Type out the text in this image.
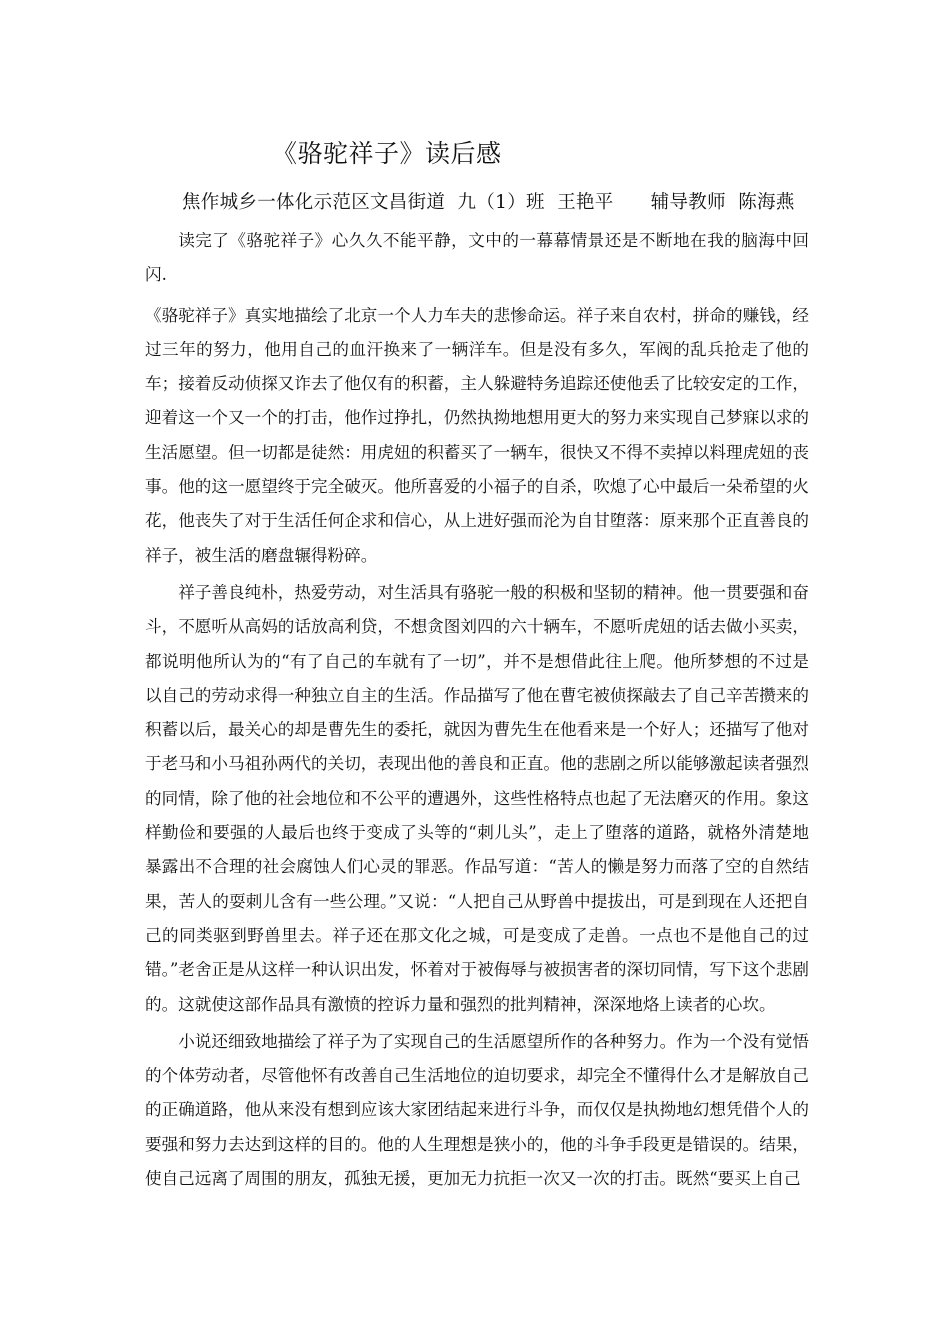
《骆驼祥子》读后感
焦作城乡一体化示范区文昌街道  九（1）班  王艳平      辅导教师  陈海燕

读完了《骆驼祥子》心久久不能平静，文中的一幕幕情景还是不断地在我的脑海中回闪.

《骆驼祥子》真实地描绘了北京一个人力车夫的悲惨命运。祥子来自农村，拼命的赚钱，经过三年的努力，他用自己的血汗换来了一辆洋车。但是没有多久，军阀的乱兵抢走了他的车；接着反动侦探又诈去了他仅有的积蓄，主人躲避特务追踪还使他丢了比较安定的工作，迎着这一个又一个的打击，他作过挣扎，仍然执拗地想用更大的努力来实现自己梦寐以求的生活愿望。但一切都是徒然：用虎妞的积蓄买了一辆车，很快又不得不卖掉以料理虎妞的丧事。他的这一愿望终于完全破灭。他所喜爱的小福子的自杀，吹熄了心中最后一朵希望的火花，他丧失了对于生活任何企求和信心，从上进好强而沦为自甘堕落：原来那个正直善良的祥子，被生活的磨盘辗得粉碎。

祥子善良纯朴，热爱劳动，对生活具有骆驼一般的积极和坚韧的精神。他一贯要强和奋斗，不愿听从高妈的话放高利贷，不想贪图刘四的六十辆车，不愿听虎妞的话去做小买卖，都说明他所认为的“有了自己的车就有了一切”，并不是想借此往上爬。他所梦想的不过是以自己的劳动求得一种独立自主的生活。作品描写了他在曹宅被侦探敲去了自己辛苦攒来的积蓄以后，最关心的却是曹先生的委托，就因为曹先生在他看来是一个好人；还描写了他对于老马和小马祖孙两代的关切，表现出他的善良和正直。他的悲剧之所以能够激起读者强烈的同情，除了他的社会地位和不公平的遭遇外，这些性格特点也起了无法磨灭的作用。象这样勤俭和要强的人最后也终于变成了头等的“刺儿头”，走上了堕落的道路，就格外清楚地暴露出不合理的社会腐蚀人们心灵的罪恶。作品写道：“苦人的懒是努力而落了空的自然结果，苦人的耍刺儿含有一些公理。”又说：“人把自己从野兽中提拔出，可是到现在人还把自己的同类驱到野兽里去。祥子还在那文化之城，可是变成了走兽。一点也不是他自己的过错。”老舍正是从这样一种认识出发，怀着对于被侮辱与被损害者的深切同情，写下这个悲剧的。这就使这部作品具有激愤的控诉力量和强烈的批判精神，深深地烙上读者的心坎。

小说还细致地描绘了祥子为了实现自己的生活愿望所作的各种努力。作为一个没有觉悟的个体劳动者，尽管他怀有改善自己生活地位的迫切要求，却完全不懂得什么才是解放自己的正确道路，他从来没有想到应该大家团结起来进行斗争，而仅仅是执拗地幻想凭借个人的要强和努力去达到这样的目的。他的人生理想是狭小的，他的斗争手段更是错误的。结果，使自己远离了周围的朋友，孤独无援，更加无力抗拒一次又一次的打击。既然“要买上自己
